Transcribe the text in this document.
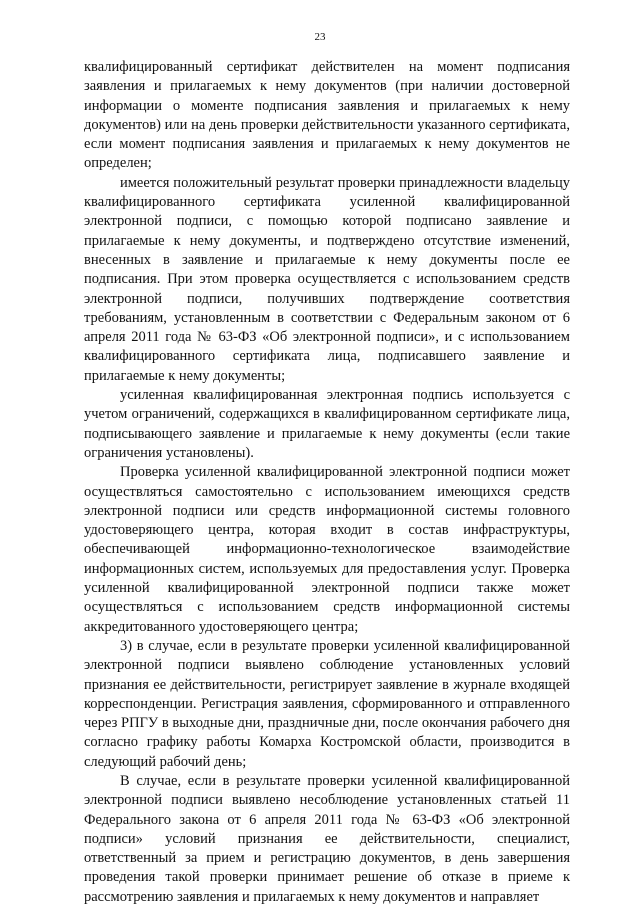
23

квалифицированный сертификат действителен на момент подписания заявления и прилагаемых к нему документов (при наличии достоверной информации о моменте подписания заявления и прилагаемых к нему документов) или на день проверки действительности указанного сертификата, если момент подписания заявления и прилагаемых к нему документов не определен;

имеется положительный результат проверки принадлежности владельцу квалифицированного сертификата усиленной квалифицированной электронной подписи, с помощью которой подписано заявление и прилагаемые к нему документы, и подтверждено отсутствие изменений, внесенных в заявление и прилагаемые к нему документы после ее подписания. При этом проверка осуществляется с использованием средств электронной подписи, получивших подтверждение соответствия требованиям, установленным в соответствии с Федеральным законом от 6 апреля 2011 года № 63-ФЗ «Об электронной подписи», и с использованием квалифицированного сертификата лица, подписавшего заявление и прилагаемые к нему документы;

усиленная квалифицированная электронная подпись используется с учетом ограничений, содержащихся в квалифицированном сертификате лица, подписывающего заявление и прилагаемые к нему документы (если такие ограничения установлены).

Проверка усиленной квалифицированной электронной подписи может осуществляться самостоятельно с использованием имеющихся средств электронной подписи или средств информационной системы головного удостоверяющего центра, которая входит в состав инфраструктуры, обеспечивающей информационно-технологическое взаимодействие информационных систем, используемых для предоставления услуг. Проверка усиленной квалифицированной электронной подписи также может осуществляться с использованием средств информационной системы аккредитованного удостоверяющего центра;

3) в случае, если в результате проверки усиленной квалифицированной электронной подписи выявлено соблюдение установленных условий признания ее действительности, регистрирует заявление в журнале входящей корреспонденции. Регистрация заявления, сформированного и отправленного через РПГУ в выходные дни, праздничные дни, после окончания рабочего дня согласно графику работы Комарха Костромской области, производится в следующий рабочий день;

В случае, если в результате проверки усиленной квалифицированной электронной подписи выявлено несоблюдение установленных статьей 11 Федерального закона от 6 апреля 2011 года № 63-ФЗ «Об электронной подписи» условий признания ее действительности, специалист, ответственный за прием и регистрацию документов, в день завершения проведения такой проверки принимает решение об отказе в приеме к рассмотрению заявления и прилагаемых к нему документов и направляет
